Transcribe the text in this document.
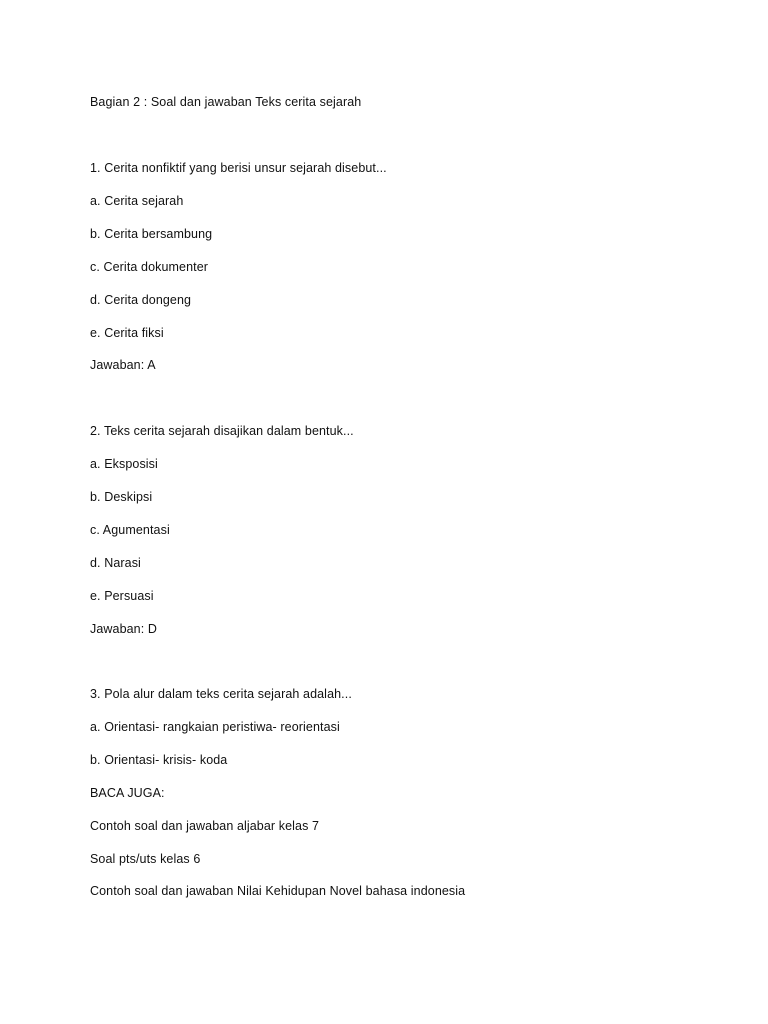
Bagian 2 : Soal dan jawaban Teks cerita sejarah
1. Cerita nonfiktif yang berisi unsur sejarah disebut...
a. Cerita sejarah
b. Cerita bersambung
c. Cerita dokumenter
d. Cerita dongeng
e. Cerita fiksi
Jawaban: A
2. Teks cerita sejarah disajikan dalam bentuk...
a. Eksposisi
b. Deskipsi
c. Agumentasi
d. Narasi
e. Persuasi
Jawaban: D
3. Pola alur dalam teks cerita sejarah adalah...
a. Orientasi- rangkaian peristiwa- reorientasi
b. Orientasi- krisis- koda
BACA JUGA:
Contoh soal dan jawaban aljabar kelas 7
Soal pts/uts kelas 6
Contoh soal dan jawaban Nilai Kehidupan Novel bahasa indonesia
